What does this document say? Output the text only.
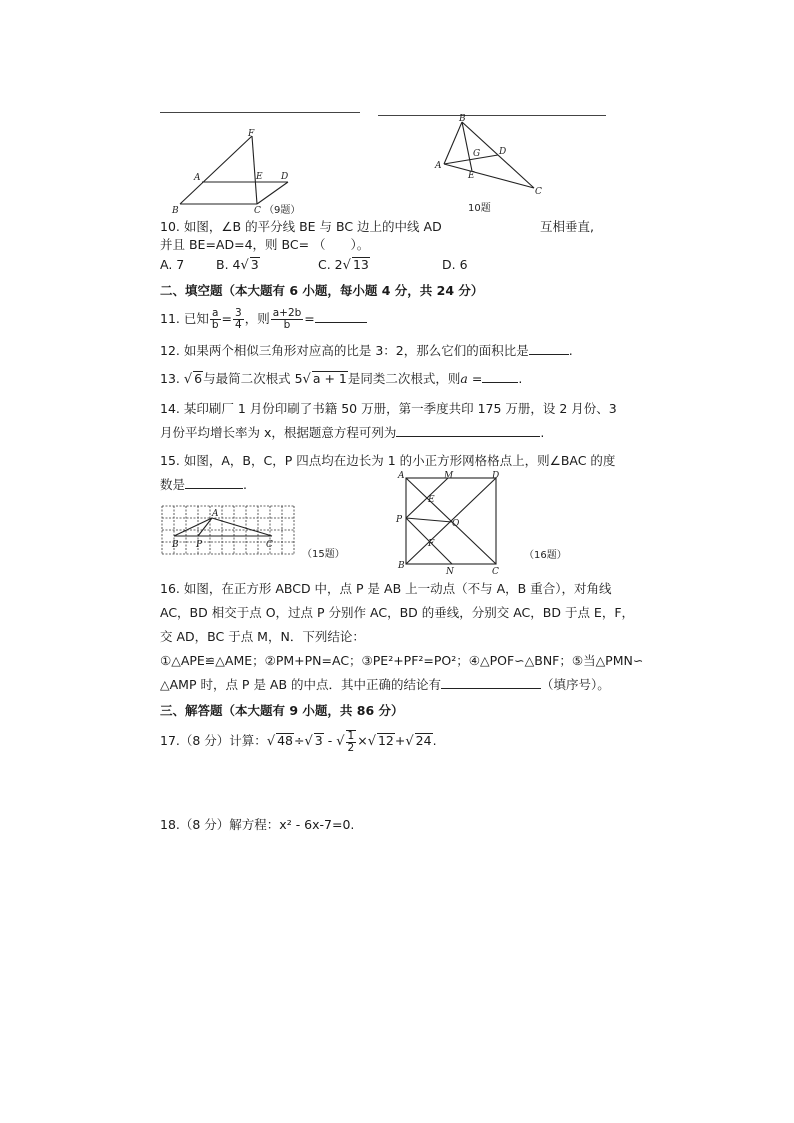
F
A	E D
B	C （9题）
B
G D
A
E
C
10题
10. 如图，∠B 的平分线 BE 与 BC 边上的中线 AD	互相垂直,
并且 BE=AD=4，则 BC= （　　）。
A. 7	B. 4√ 3	C. 2√ 13	D. 6
二、填空题（本大题有 6 小题，每小题 4 分，共 24 分）
11. 已知 $\frac{a}{b} = \frac{3}{4}$ ，则 $\frac{a+2b}{b}$ =
12. 如果两个相似三角形对应高的比是 3：2，那么它们的面积比是	.
13. √ 6与最简二次根式 5√ a + 1是同类二次根式，则a =	.
14. 某印刷厂 1 月份印刷了书籍 50 万册，第一季度共印 175 万册，设 2 月份、3
月份平均增长率为 x，根据题意方程可列为	.
15. 如图，A，B，C，P 四点均在边长为 1 的小正方形网格格点上，则∠BAC 的度
数是	.
A
B P	C
（15题）
A	M	D
E
P	O
F
B
N	C
（16题）
16. 如图，在正方形 ABCD 中，点 P 是 AB 上一动点（不与 A，B 重合），对角线
AC，BD 相交于点 O，过点 P 分别作 AC，BD 的垂线，分别交 AC，BD 于点 E，F，
交 AD，BC 于点 M，N．下列结论：
①△APE≌△AME；②PM+PN=AC；③PE²+PF²=PO²；④△POF∽△BNF；⑤当△PMN∽
△AMP 时，点 P 是 AB 的中点．其中正确的结论有	（填序号）。
三、解答题（本大题有 9 小题，共 86 分）
17.（8 分）计算：√ 48÷√ 3 - √ $\frac{1}{2}$ ×√ 12+√ 24.
18.（8 分）解方程：x² - 6x-7=0.
